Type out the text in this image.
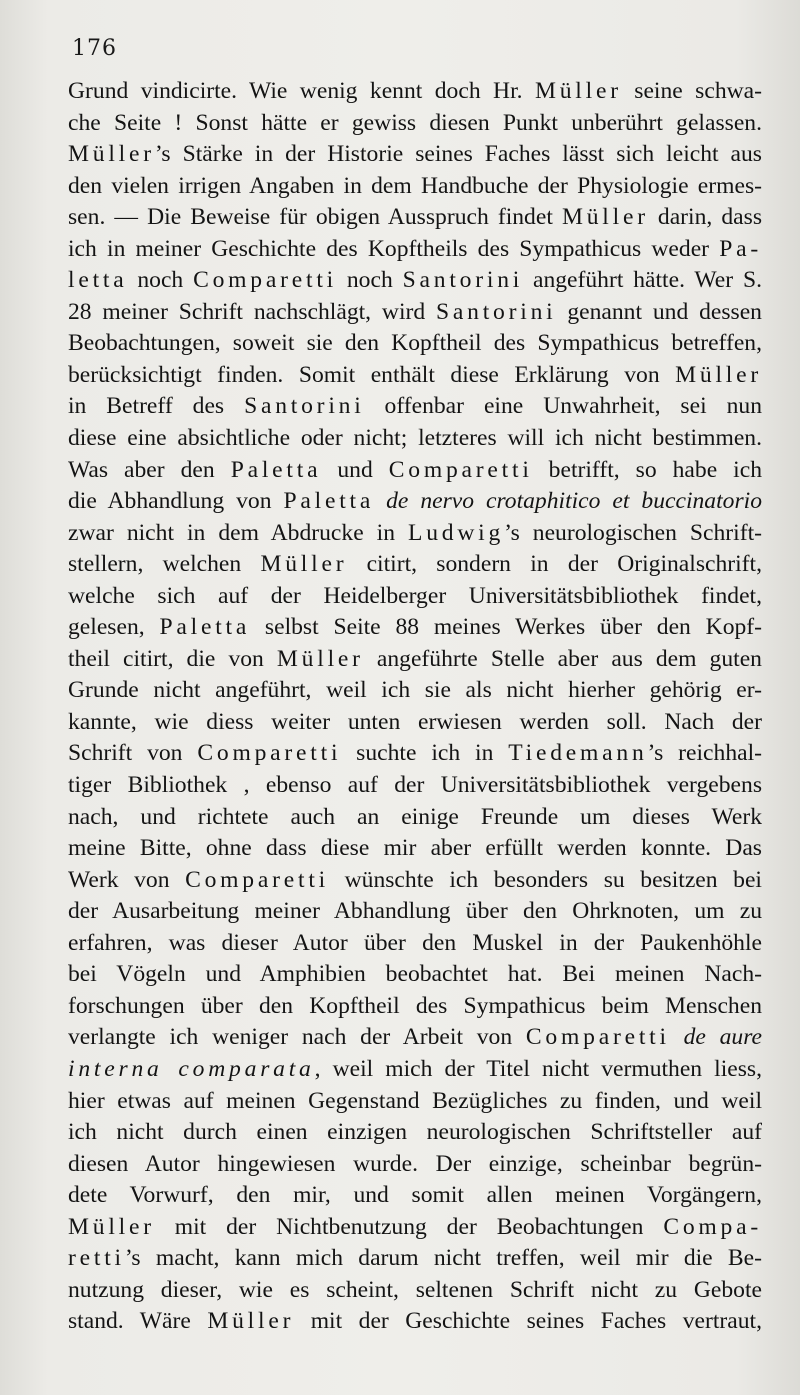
176
Grund vindicirte. Wie wenig kennt doch Hr. Müller seine schwa-
che Seite ! Sonst hätte er gewiss diesen Punkt unberührt gelassen.
Müller’s Stärke in der Historie seines Faches lässt sich leicht aus
den vielen irrigen Angaben in dem Handbuche der Physiologie ermes-
sen. — Die Beweise für obigen Ausspruch findet Müller darin, dass
ich in meiner Geschichte des Kopftheils des Sympathicus weder Pa-
letta noch Comparetti noch Santorini angeführt hätte. Wer S.
28 meiner Schrift nachschlägt, wird Santorini genannt und dessen
Beobachtungen, soweit sie den Kopftheil des Sympathicus betreffen,
berücksichtigt finden. Somit enthält diese Erklärung von Müller
in Betreff des Santorini offenbar eine Unwahrheit, sei nun
diese eine absichtliche oder nicht; letzteres will ich nicht bestimmen.
Was aber den Paletta und Comparetti betrifft, so habe ich
die Abhandlung von Paletta de nervo crotaphitico et buccinatorio
zwar nicht in dem Abdrucke in Ludwig’s neurologischen Schrift-
stellern, welchen Müller citirt, sondern in der Originalschrift,
welche sich auf der Heidelberger Universitätsbibliothek findet,
gelesen, Paletta selbst Seite 88 meines Werkes über den Kopf-
theil citirt, die von Müller angeführte Stelle aber aus dem guten
Grunde nicht angeführt, weil ich sie als nicht hierher gehörig er-
kannte, wie diess weiter unten erwiesen werden soll. Nach der
Schrift von Comparetti suchte ich in Tiedemann’s reichhal-
tiger Bibliothek , ebenso auf der Universitätsbibliothek vergebens
nach, und richtete auch an einige Freunde um dieses Werk
meine Bitte, ohne dass diese mir aber erfüllt werden konnte. Das
Werk von Comparetti wünschte ich besonders su besitzen bei
der Ausarbeitung meiner Abhandlung über den Ohrknoten, um zu
erfahren, was dieser Autor über den Muskel in der Paukenhöhle
bei Vögeln und Amphibien beobachtet hat. Bei meinen Nach-
forschungen über den Kopftheil des Sympathicus beim Menschen
verlangte ich weniger nach der Arbeit von Comparetti de aure
interna comparata, weil mich der Titel nicht vermuthen liess,
hier etwas auf meinen Gegenstand Bezügliches zu finden, und weil
ich nicht durch einen einzigen neurologischen Schriftsteller auf
diesen Autor hingewiesen wurde. Der einzige, scheinbar begrün-
dete Vorwurf, den mir, und somit allen meinen Vorgängern,
Müller mit der Nichtbenutzung der Beobachtungen Compa-
retti’s macht, kann mich darum nicht treffen, weil mir die Be-
nutzung dieser, wie es scheint, seltenen Schrift nicht zu Gebote
stand. Wäre Müller mit der Geschichte seines Faches vertraut,
